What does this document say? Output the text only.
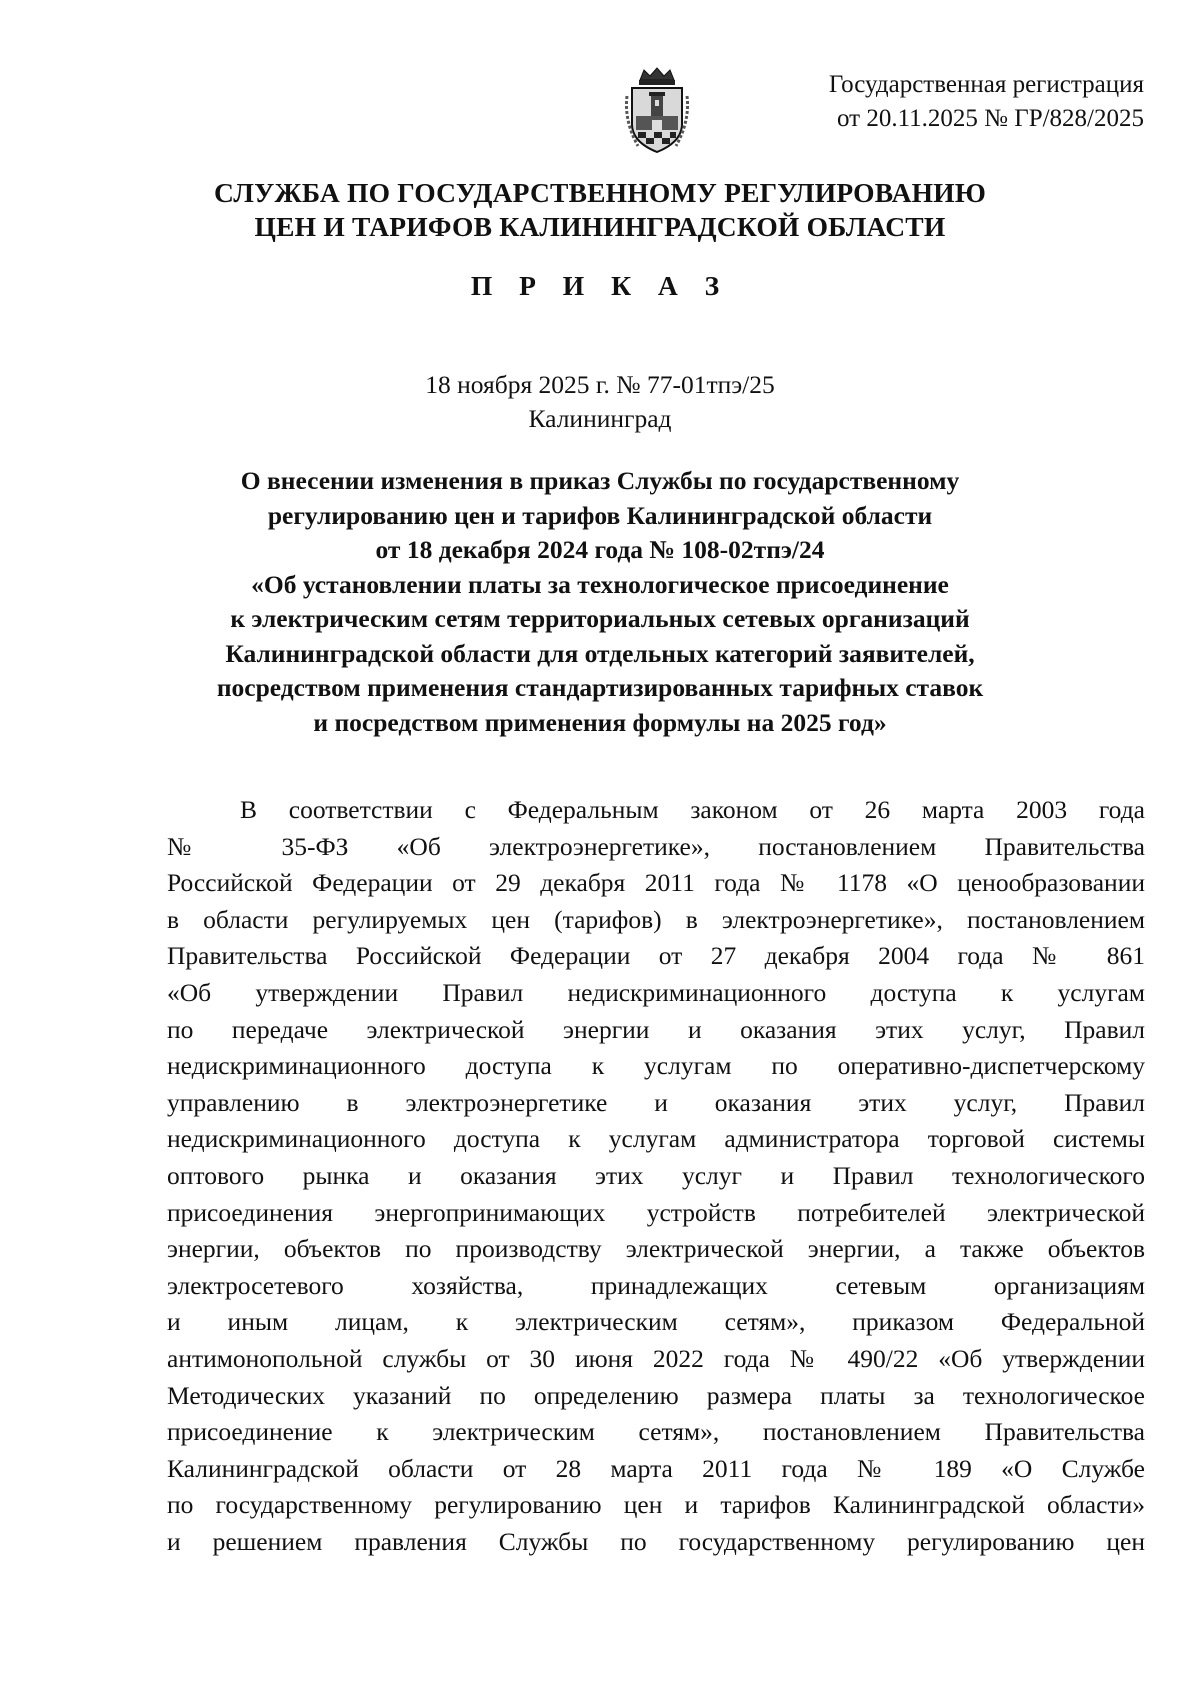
Государственная регистрация
от 20.11.2025 № ГР/828/2025
СЛУЖБА ПО ГОСУДАРСТВЕННОМУ РЕГУЛИРОВАНИЮ
ЦЕН И ТАРИФОВ КАЛИНИНГРАДСКОЙ ОБЛАСТИ
П Р И К А З
18 ноября 2025 г. № 77-01тпэ/25
Калининград
О внесении изменения в приказ Службы по государственному
регулированию цен и тарифов Калининградской области
от 18 декабря 2024 года № 108-02тпэ/24
«Об установлении платы за технологическое присоединение
к электрическим сетям территориальных сетевых организаций
Калининградской области для отдельных категорий заявителей,
посредством применения стандартизированных тарифных ставок
и посредством применения формулы на 2025 год»
В соответствии с Федеральным законом от 26 марта 2003 года
№ 35-ФЗ «Об электроэнергетике», постановлением Правительства
Российской Федерации от 29 декабря 2011 года № 1178 «О ценообразовании
в области регулируемых цен (тарифов) в электроэнергетике», постановлением
Правительства Российской Федерации от 27 декабря 2004 года № 861
«Об утверждении Правил недискриминационного доступа к услугам
по передаче электрической энергии и оказания этих услуг, Правил
недискриминационного доступа к услугам по оперативно-диспетчерскому
управлению в электроэнергетике и оказания этих услуг, Правил
недискриминационного доступа к услугам администратора торговой системы
оптового рынка и оказания этих услуг и Правил технологического
присоединения энергопринимающих устройств потребителей электрической
энергии, объектов по производству электрической энергии, а также объектов
электросетевого хозяйства, принадлежащих сетевым организациям
и иным лицам, к электрическим сетям», приказом Федеральной
антимонопольной службы от 30 июня 2022 года № 490/22 «Об утверждении
Методических указаний по определению размера платы за технологическое
присоединение к электрическим сетям», постановлением Правительства
Калининградской области от 28 марта 2011 года № 189 «О Службе
по государственному регулированию цен и тарифов Калининградской области»
и решением правления Службы по государственному регулированию цен
